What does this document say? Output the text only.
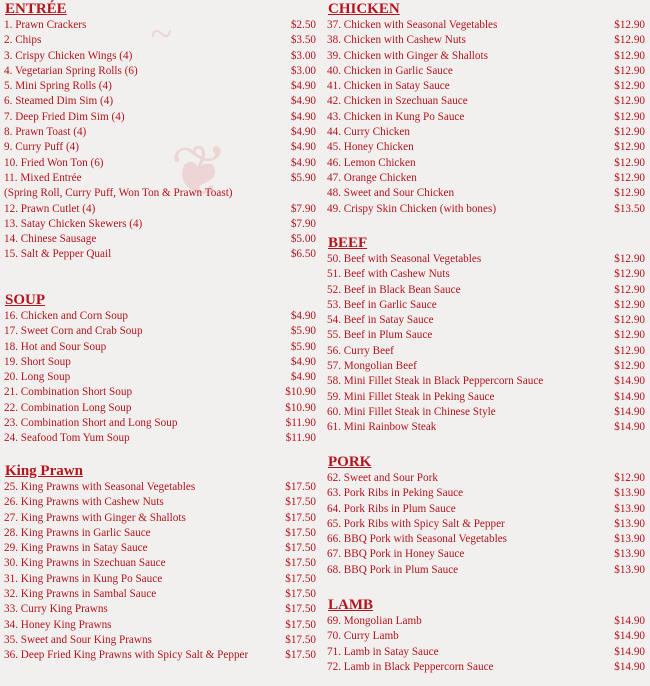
~
❦
ENTRÉE
1. Prawn Crackers	$2.50
2. Chips	$3.50
3. Crispy Chicken Wings (4)	$3.00
4. Vegetarian Spring Rolls (6)	$3.00
5. Mini Spring Rolls (4)	$4.90
6. Steamed Dim Sim (4)	$4.90
7. Deep Fried Dim Sim (4)	$4.90
8. Prawn Toast (4)	$4.90
9. Curry Puff (4)	$4.90
10. Fried Won Ton (6)	$4.90
11. Mixed Entrée	$5.90
(Spring Roll, Curry Puff, Won Ton & Prawn Toast)
12. Prawn Cutlet (4)	$7.90
13. Satay Chicken Skewers (4)	$7.90
14. Chinese Sausage	$5.00
15. Salt & Pepper Quail	$6.50
SOUP
16. Chicken and Corn Soup	$4.90
17. Sweet Corn and Crab Soup	$5.90
18. Hot and Sour Soup	$5.90
19. Short Soup	$4.90
20. Long Soup	$4.90
21. Combination Short Soup	$10.90
22. Combination Long Soup	$10.90
23. Combination Short and Long Soup	$11.90
24. Seafood Tom Yum Soup	$11.90
King Prawn
25. King Prawns with Seasonal Vegetables	$17.50
26. King Prawns with Cashew Nuts	$17.50
27. King Prawns with Ginger & Shallots	$17.50
28. King Prawns in Garlic Sauce	$17.50
29. King Prawns in Satay Sauce	$17.50
30. King Prawns in Szechuan Sauce	$17.50
31. King Prawns in Kung Po Sauce	$17.50
32. King Prawns in Sambal Sauce	$17.50
33. Curry King Prawns	$17.50
34. Honey King Prawns	$17.50
35. Sweet and Sour King Prawns	$17.50
36. Deep Fried King Prawns with Spicy Salt & Pepper	$17.50
CHICKEN
37. Chicken with Seasonal Vegetables	$12.90
38. Chicken with Cashew Nuts	$12.90
39. Chicken with Ginger & Shallots	$12.90
40. Chicken in Garlic Sauce	$12.90
41. Chicken in Satay Sauce	$12.90
42. Chicken in Szechuan Sauce	$12.90
43. Chicken in Kung Po Sauce	$12.90
44. Curry Chicken	$12.90
45. Honey Chicken	$12.90
46. Lemon Chicken	$12.90
47. Orange Chicken	$12.90
48. Sweet and Sour Chicken	$12.90
49. Crispy Skin Chicken (with bones)	$13.50
BEEF
50. Beef with Seasonal Vegetables	$12.90
51. Beef with Cashew Nuts	$12.90
52. Beef in Black Bean Sauce	$12.90
53. Beef in Garlic Sauce	$12.90
54. Beef in Satay Sauce	$12.90
55. Beef in Plum Sauce	$12.90
56. Curry Beef	$12.90
57. Mongolian Beef	$12.90
58. Mini Fillet Steak in Black Peppercorn Sauce	$14.90
59. Mini Fillet Steak in Peking Sauce	$14.90
60. Mini Fillet Steak in Chinese Style	$14.90
61. Mini Rainbow Steak	$14.90
PORK
62. Sweet and Sour Pork	$12.90
63. Pork Ribs in Peking Sauce	$13.90
64. Pork Ribs in Plum Sauce	$13.90
65. Pork Ribs with Spicy Salt & Pepper	$13.90
66. BBQ Pork with Seasonal Vegetables	$13.90
67. BBQ Pork in Honey Sauce	$13.90
68. BBQ Pork in Plum Sauce	$13.90
LAMB
69. Mongolian Lamb	$14.90
70. Curry Lamb	$14.90
71. Lamb in Satay Sauce	$14.90
72. Lamb in Black Peppercorn Sauce	$14.90
